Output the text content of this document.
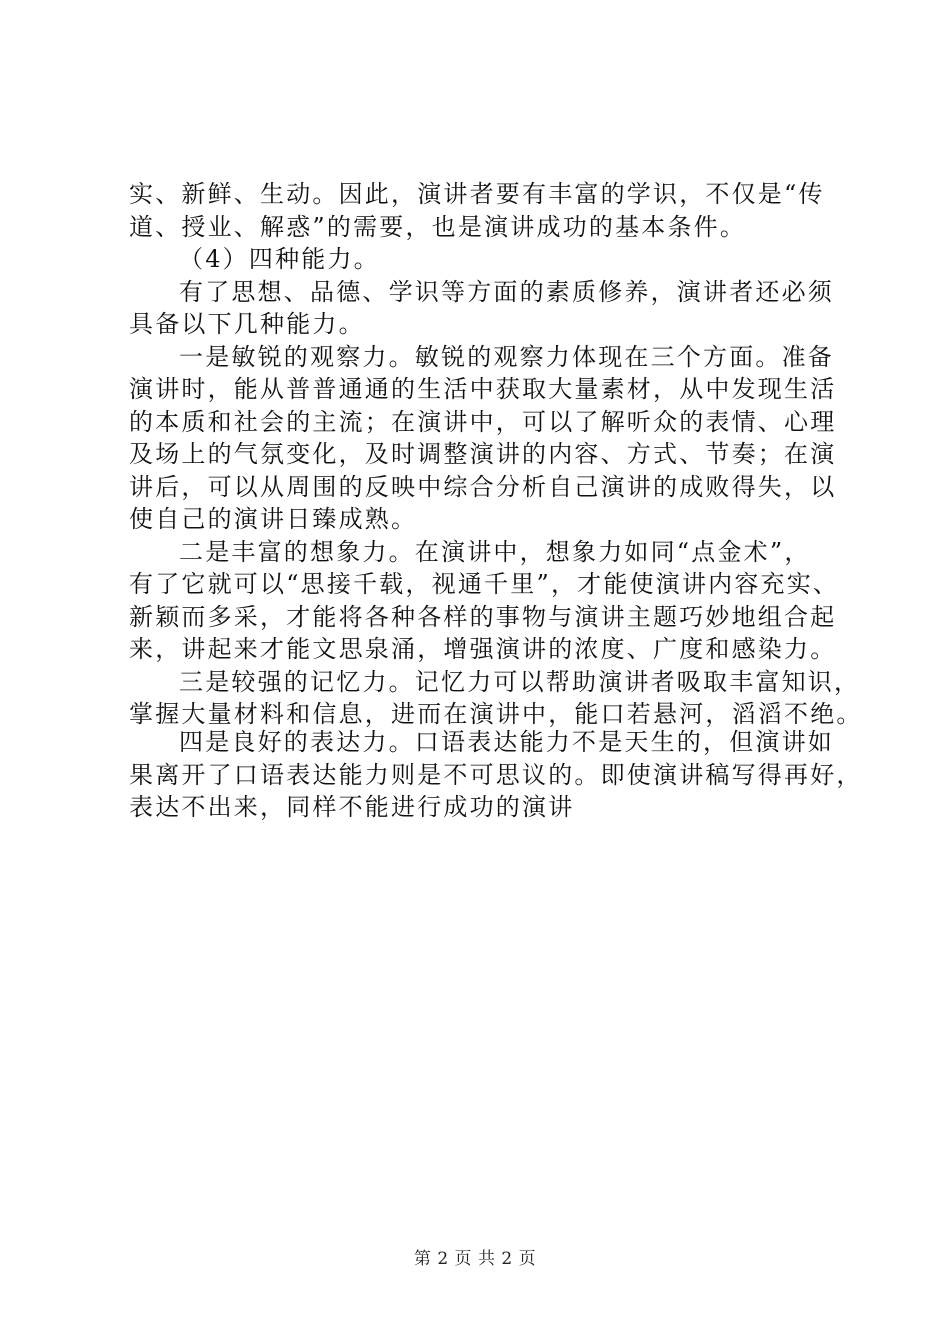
实、新鲜、生动。因此，演讲者要有丰富的学识，不仅是“传
道、授业、解惑”的需要，也是演讲成功的基本条件。
（4）四种能力。
有了思想、品德、学识等方面的素质修养，演讲者还必须
具备以下几种能力。
一是敏锐的观察力。敏锐的观察力体现在三个方面。准备
演讲时，能从普普通通的生活中获取大量素材，从中发现生活
的本质和社会的主流；在演讲中，可以了解听众的表情、心理
及场上的气氛变化，及时调整演讲的内容、方式、节奏；在演
讲后，可以从周围的反映中综合分析自己演讲的成败得失，以
使自己的演讲日臻成熟。
二是丰富的想象力。在演讲中，想象力如同“点金术”，
有了它就可以“思接千载，视通千里”，才能使演讲内容充实、
新颖而多采，才能将各种各样的事物与演讲主题巧妙地组合起
来，讲起来才能文思泉涌，增强演讲的浓度、广度和感染力。
三是较强的记忆力。记忆力可以帮助演讲者吸取丰富知识，
掌握大量材料和信息，进而在演讲中，能口若悬河，滔滔不绝。
四是良好的表达力。口语表达能力不是天生的，但演讲如
果离开了口语表达能力则是不可思议的。即使演讲稿写得再好，
表达不出来，同样不能进行成功的演讲
第 2 页 共 2 页
